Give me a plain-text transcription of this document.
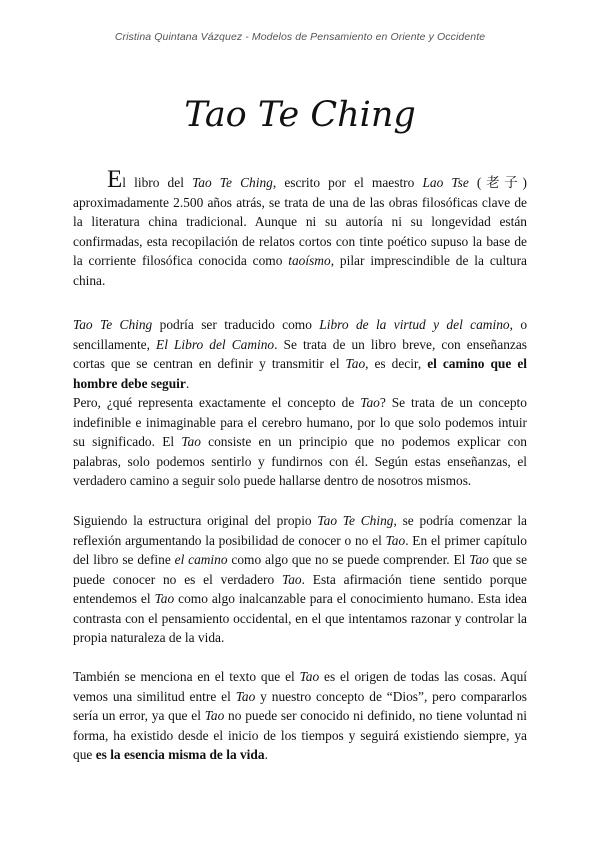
Cristina Quintana Vázquez - Modelos de Pensamiento en Oriente y Occidente
Tao Te Ching

El libro del Tao Te Ching, escrito por el maestro Lao Tse (老子) aproximadamente 2.500 años atrás, se trata de una de las obras filosóficas clave de la literatura china tradicional. Aunque ni su autoría ni su longevidad están confirmadas, esta recopilación de relatos cortos con tinte poético supuso la base de la corriente filosófica conocida como taoísmo, pilar imprescindible de la cultura china.

Tao Te Ching podría ser traducido como Libro de la virtud y del camino, o sencillamente, El Libro del Camino. Se trata de un libro breve, con enseñanzas cortas que se centran en definir y transmitir el Tao, es decir, el camino que el hombre debe seguir.

Pero, ¿qué representa exactamente el concepto de Tao? Se trata de un concepto indefinible e inimaginable para el cerebro humano, por lo que solo podemos intuir su significado. El Tao consiste en un principio que no podemos explicar con palabras, solo podemos sentirlo y fundirnos con él. Según estas enseñanzas, el verdadero camino a seguir solo puede hallarse dentro de nosotros mismos.

Siguiendo la estructura original del propio Tao Te Ching, se podría comenzar la reflexión argumentando la posibilidad de conocer o no el Tao. En el primer capítulo del libro se define el camino como algo que no se puede comprender. El Tao que se puede conocer no es el verdadero Tao. Esta afirmación tiene sentido porque entendemos el Tao como algo inalcanzable para el conocimiento humano. Esta idea contrasta con el pensamiento occidental, en el que intentamos razonar y controlar la propia naturaleza de la vida.

También se menciona en el texto que el Tao es el origen de todas las cosas. Aquí vemos una similitud entre el Tao y nuestro concepto de “Dios”, pero compararlos sería un error, ya que el Tao no puede ser conocido ni definido, no tiene voluntad ni forma, ha existido desde el inicio de los tiempos y seguirá existiendo siempre, ya que es la esencia misma de la vida.
